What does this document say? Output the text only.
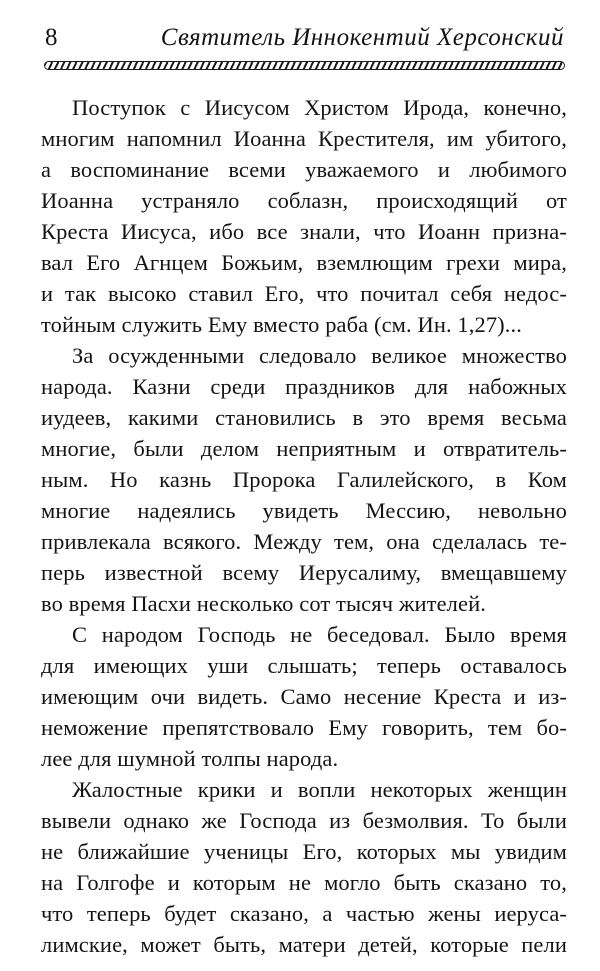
8	Святитель Иннокентий Херсонский

Поступок с Иисусом Христом Ирода, конечно,
многим напомнил Иоанна Крестителя, им убитого,
а воспоминание всеми уважаемого и любимого
Иоанна устраняло соблазн, происходящий от
Креста Иисуса, ибо все знали, что Иоанн призна-
вал Его Агнцем Божьим, вземлющим грехи мира,
и так высоко ставил Его, что почитал себя недос-
тойным служить Ему вместо раба (см. Ин. 1,27)...

За осужденными следовало великое множество
народа. Казни среди праздников для набожных
иудеев, какими становились в это время весьма
многие, были делом неприятным и отвратитель-
ным. Но казнь Пророка Галилейского, в Ком
многие надеялись увидеть Мессию, невольно
привлекала всякого. Между тем, она сделалась те-
перь известной всему Иерусалиму, вмещавшему
во время Пасхи несколько сот тысяч жителей.

С народом Господь не беседовал. Было время
для имеющих уши слышать; теперь оставалось
имеющим очи видеть. Само несение Креста и из-
неможение препятствовало Ему говорить, тем бо-
лее для шумной толпы народа.

Жалостные крики и вопли некоторых женщин
вывели однако же Господа из безмолвия. То были
не ближайшие ученицы Его, которых мы увидим
на Голгофе и которым не могло быть сказано то,
что теперь будет сказано, а частью жены иеруса-
лимские, может быть, матери детей, которые пели
